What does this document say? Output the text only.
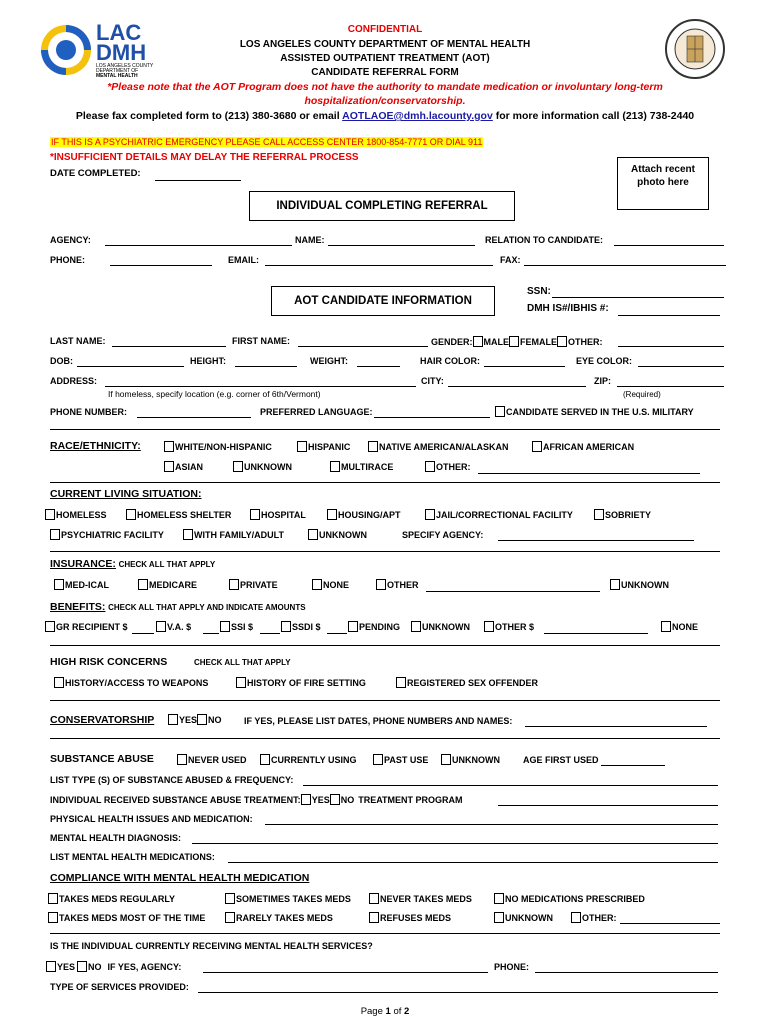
LAC
DMH
LOS ANGELES COUNTY
DEPARTMENT OF
MENTAL HEALTH
CONFIDENTIAL
LOS ANGELES COUNTY DEPARTMENT OF MENTAL HEALTH
ASSISTED OUTPATIENT TREATMENT (AOT)
CANDIDATE REFERRAL FORM
*Please note that the AOT Program does not have the authority to mandate medication or involuntary long-term
hospitalization/conservatorship.
Please fax completed form to (213) 380-3680 or email AOTLAOE@dmh.lacounty.gov for more information call (213) 738-2440
IF THIS IS A PSYCHIATRIC EMERGENCY PLEASE CALL ACCESS CENTER 1800-854-7771 OR DIAL 911
*INSUFFICIENT DETAILS MAY DELAY THE REFERRAL PROCESS
DATE COMPLETED:	Attach recent photo here
INDIVIDUAL COMPLETING REFERRAL
AGENCY:	NAME:	RELATION TO CANDIDATE:
PHONE:	EMAIL:	FAX:
AOT CANDIDATE INFORMATION
SSN:
DMH IS#/IBHIS #:
LAST NAME:	FIRST NAME:	GENDER: MALE FEMALE OTHER:
DOB:	HEIGHT:	WEIGHT:	HAIR COLOR:	EYE COLOR:
ADDRESS:	CITY:	ZIP:
If homeless, specify location (e.g. corner of 6th/Vermont)	(Required)
PHONE NUMBER:	PREFERRED LANGUAGE:	CANDIDATE SERVED IN THE U.S. MILITARY
RACE/ETHNICITY:	WHITE/NON-HISPANIC	HISPANIC	NATIVE AMERICAN/ALASKAN	AFRICAN AMERICAN
ASIAN	UNKNOWN	MULTIRACE	OTHER:
CURRENT LIVING SITUATION:
HOMELESS	HOMELESS SHELTER	HOSPITAL	HOUSING/APT	JAIL/CORRECTIONAL FACILITY	SOBRIETY
PSYCHIATRIC FACILITY	WITH FAMILY/ADULT	UNKNOWN	SPECIFY AGENCY:
INSURANCE: CHECK ALL THAT APPLY
MED-ICAL	MEDICARE	PRIVATE	NONE	OTHER	UNKNOWN
BENEFITS: CHECK ALL THAT APPLY AND INDICATE AMOUNTS
GR RECIPIENT $	V.A. $	SSI $	SSDI $	PENDING	UNKNOWN	OTHER $	NONE
HIGH RISK CONCERNS	CHECK ALL THAT APPLY
HISTORY/ACCESS TO WEAPONS	HISTORY OF FIRE SETTING	REGISTERED SEX OFFENDER
CONSERVATORSHIP	YES NO IF YES, PLEASE LIST DATES, PHONE NUMBERS AND NAMES:
SUBSTANCE ABUSE	NEVER USED	CURRENTLY USING	PAST USE	UNKNOWN	AGE FIRST USED
LIST TYPE (S) OF SUBSTANCE ABUSED & FREQUENCY:
INDIVIDUAL RECEIVED SUBSTANCE ABUSE TREATMENT: YES NO TREATMENT PROGRAM
PHYSICAL HEALTH ISSUES AND MEDICATION:
MENTAL HEALTH DIAGNOSIS:
LIST MENTAL HEALTH MEDICATIONS:
COMPLIANCE WITH MENTAL HEALTH MEDICATION
TAKES MEDS REGULARLY	SOMETIMES TAKES MEDS	NEVER TAKES MEDS	NO MEDICATIONS PRESCRIBED
TAKES MEDS MOST OF THE TIME	RARELY TAKES MEDS	REFUSES MEDS	UNKNOWN	OTHER:
IS THE INDIVIDUAL CURRENTLY RECEIVING MENTAL HEALTH SERVICES?
YES NO IF YES, AGENCY:	PHONE:
TYPE OF SERVICES PROVIDED:
Page 1 of 2
